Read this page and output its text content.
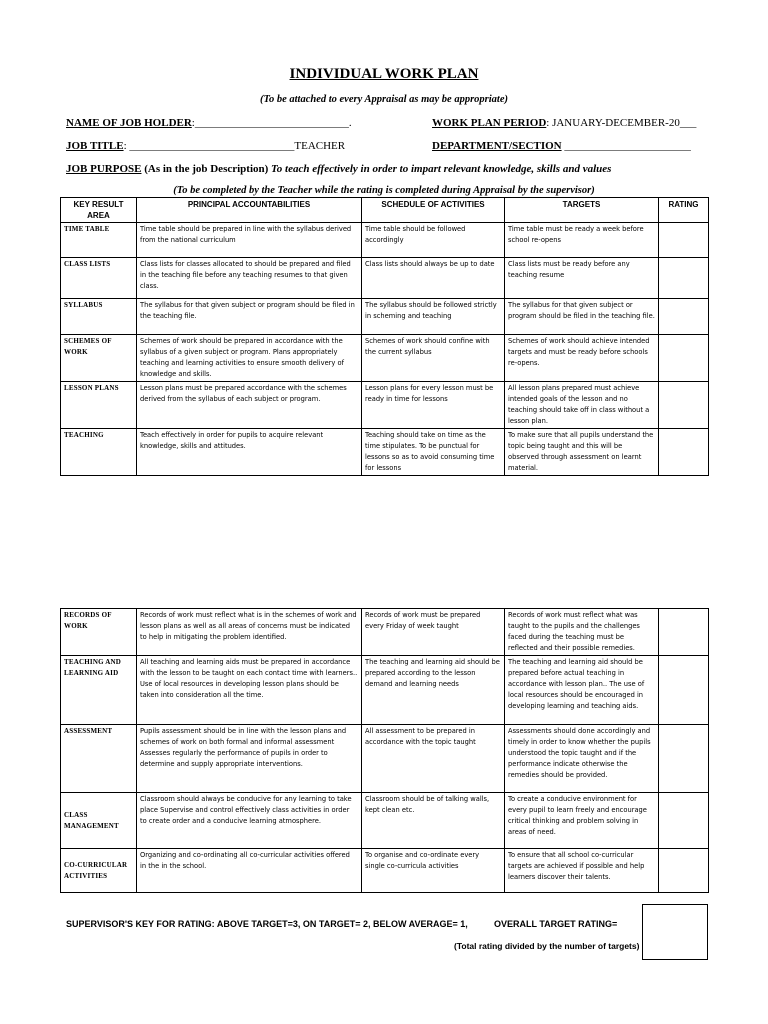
INDIVIDUAL WORK PLAN
(To be attached to every Appraisal as may be appropriate)
NAME OF JOB HOLDER:____________________________.	WORK PLAN PERIOD: JANUARY-DECEMBER-20___
JOB TITLE: ______________________________TEACHER	DEPARTMENT/SECTION _______________________
JOB PURPOSE (As in the job Description) To teach effectively in order to impart relevant knowledge, skills and values
(To be completed by the Teacher while the rating is completed during Appraisal by the supervisor)
KEY RESULT AREA	PRINCIPAL ACCOUNTABILITIES	SCHEDULE OF ACTIVITIES	TARGETS	RATING
TIME TABLE	Time table should be prepared in line with the syllabus derived from the national curriculum	Time table should be followed accordingly	Time table must be ready a week before school re-opens	
CLASS LISTS	Class lists for classes allocated to should be prepared and filed in the teaching file before any teaching resumes to that given class.	Class lists should always be up to date	Class lists must be ready before any teaching resume	
SYLLABUS	The syllabus for that given subject or program should be filed in the teaching file.	The syllabus should be followed strictly in scheming and teaching	The syllabus for that given subject or program should be filed in the teaching file.	
SCHEMES OF WORK	Schemes of work should be prepared in accordance with the syllabus of a given subject or program. Plans appropriately teaching and learning activities to ensure smooth delivery of knowledge and skills.	Schemes of work should confine with the current syllabus	Schemes of work should achieve intended targets and must be ready before schools re-opens.	
LESSON PLANS	Lesson plans must be prepared accordance with the schemes derived from the syllabus of each subject or program.	Lesson plans for every lesson must be ready in time for lessons	All lesson plans prepared must achieve intended goals of the lesson and no teaching should take off in class without a lesson plan.	
TEACHING	Teach effectively in order for pupils to acquire relevant knowledge, skills and attitudes.	Teaching should take on time as the time stipulates. To be punctual for lessons so as to avoid consuming time for lessons	To make sure that all pupils understand the topic being taught and this will be observed through assessment on learnt material.	
RECORDS OF WORK	Records of work must reflect what is in the schemes of work and lesson plans as well as all areas of concerns must be indicated to help in mitigating the problem identified.	Records of work must be prepared every Friday of week taught	Records of work must reflect what was taught to the pupils and the challenges faced during the teaching must be reflected and their possible remedies.	
TEACHING AND LEARNING AID	All teaching and learning aids must be prepared in accordance with the lesson to be taught on each contact time with learners.. Use of local resources in developing lesson plans should be taken into consideration all the time.	The teaching and learning aid should be prepared according to the lesson demand and learning needs	The teaching and learning aid should be prepared before actual teaching in accordance with lesson plan.. The use of local resources should be encouraged in developing learning and teaching aids.	
ASSESSMENT	Pupils assessment should be in line with the lesson plans and schemes of work on both formal and informal assessment Assesses regularly the performance of pupils in order to determine and supply appropriate interventions.	All assessment to be prepared in accordance with the topic taught	Assessments should done accordingly and timely in order to know whether the pupils understood the topic taught and if the performance indicate otherwise the remedies should be provided.	
CLASS MANAGEMENT	Classroom should always be conducive for any learning to take place Supervise and control effectively class activities in order to create order and a conducive learning atmosphere.	Classroom should be of talking walls, kept clean etc.	To create a conducive environment for every pupil to learn freely and encourage critical thinking and problem solving in areas of need.	
CO-CURRICULAR ACTIVITIES	Organizing and co-ordinating all co-curricular activities offered in the in the school.	To organise and co-ordinate every single co-curricula activities	To ensure that all school co-curricular targets are achieved if possible and help learners discover their talents.	
SUPERVISOR'S KEY FOR RATING: ABOVE TARGET=3, ON TARGET= 2, BELOW AVERAGE= 1,	OVERALL TARGET RATING=
(Total rating divided by the number of targets)
